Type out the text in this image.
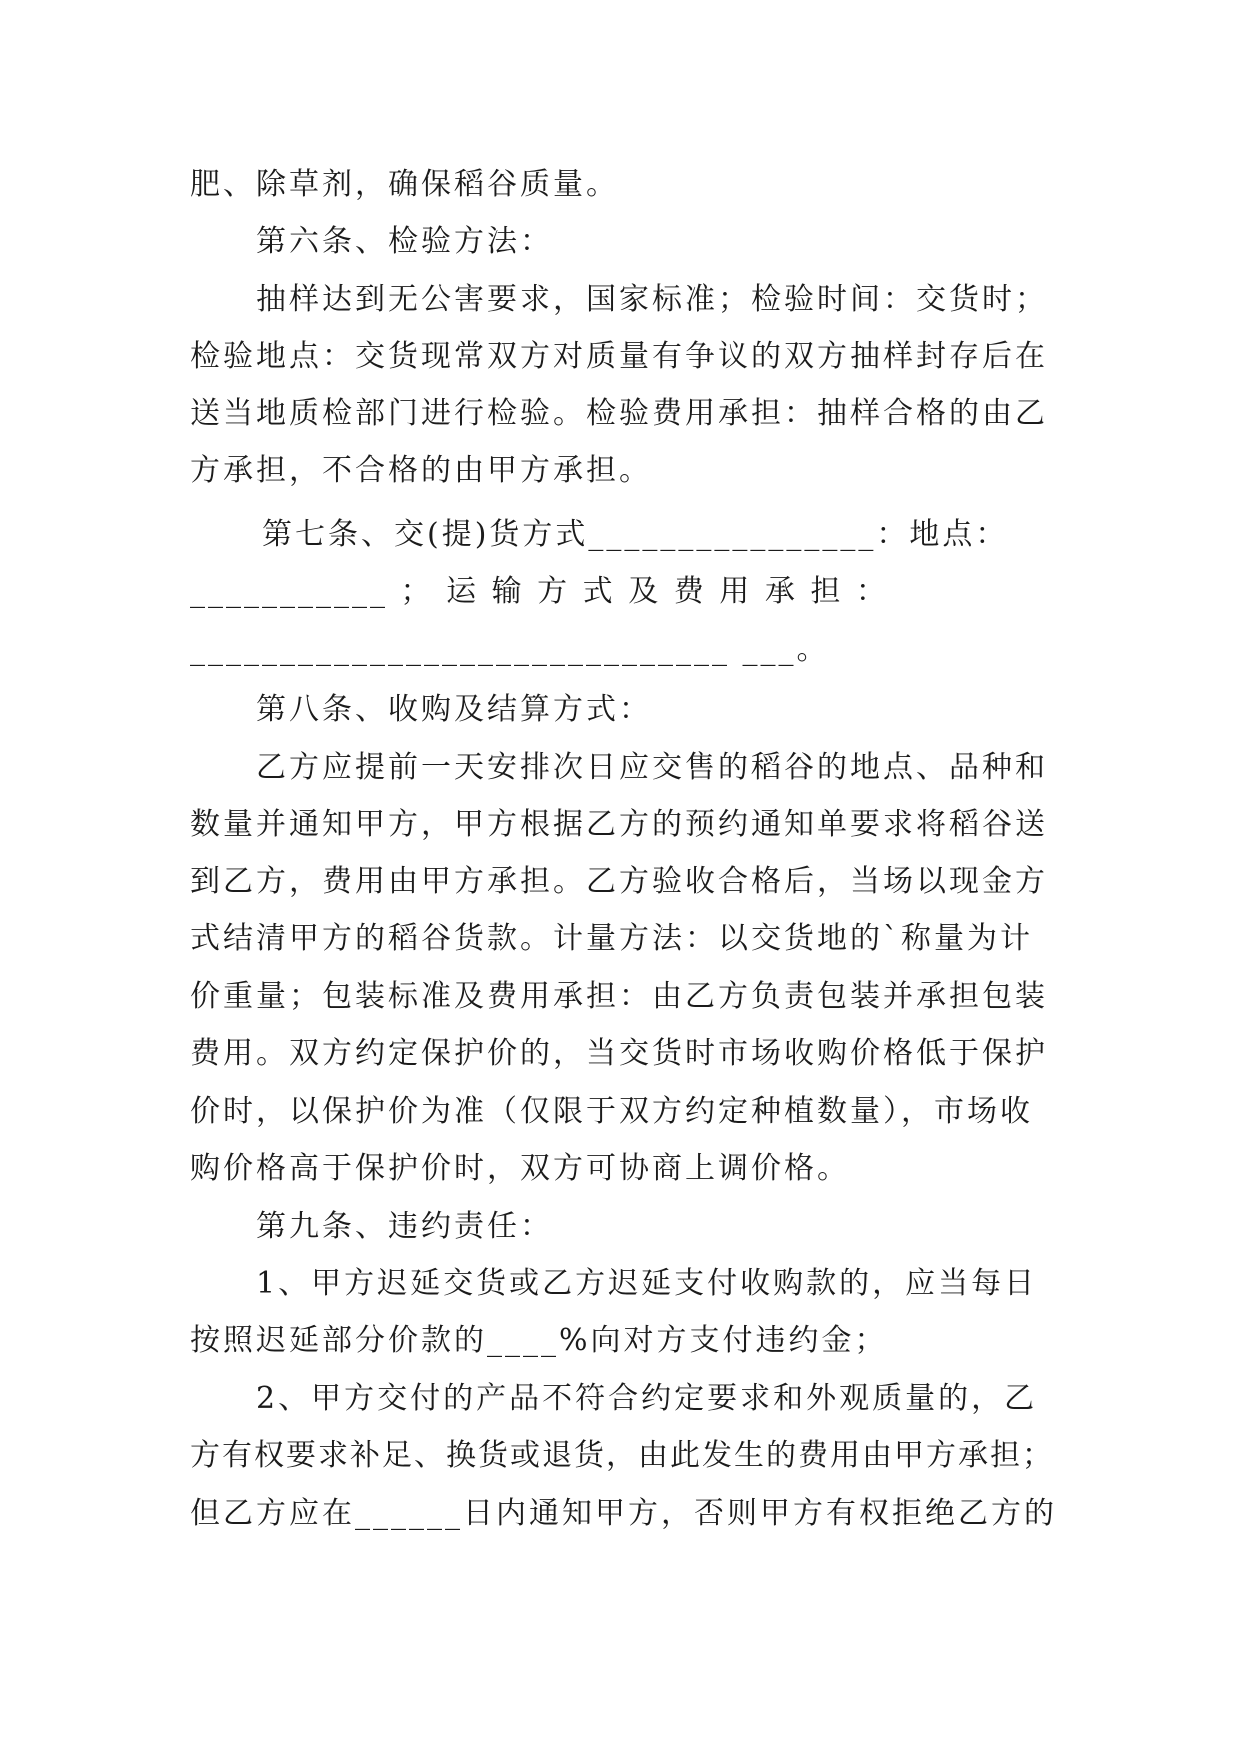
肥、除草剂，确保稻谷质量。
第六条、检验方法：
抽样达到无公害要求，国家标准；检验时间：交货时；
检验地点：交货现常双方对质量有争议的双方抽样封存后在
送当地质检部门进行检验。检验费用承担：抽样合格的由乙
方承担，不合格的由甲方承担。
第七条、交(提)货方式________________：地点：
___________ ； 运 输 方 式 及 费 用 承 担 ：
______________________________ ___。
第八条、收购及结算方式：
乙方应提前一天安排次日应交售的稻谷的地点、品种和
数量并通知甲方，甲方根据乙方的预约通知单要求将稻谷送
到乙方，费用由甲方承担。乙方验收合格后，当场以现金方
式结清甲方的稻谷货款。计量方法：以交货地的`称量为计
价重量；包装标准及费用承担：由乙方负责包装并承担包装
费用。双方约定保护价的，当交货时市场收购价格低于保护
价时，以保护价为准（仅限于双方约定种植数量），市场收
购价格高于保护价时，双方可协商上调价格。
第九条、违约责任：
1、甲方迟延交货或乙方迟延支付收购款的，应当每日
按照迟延部分价款的____%向对方支付违约金；
2、甲方交付的产品不符合约定要求和外观质量的，乙
方有权要求补足、换货或退货，由此发生的费用由甲方承担；
但乙方应在______日内通知甲方，否则甲方有权拒绝乙方的
